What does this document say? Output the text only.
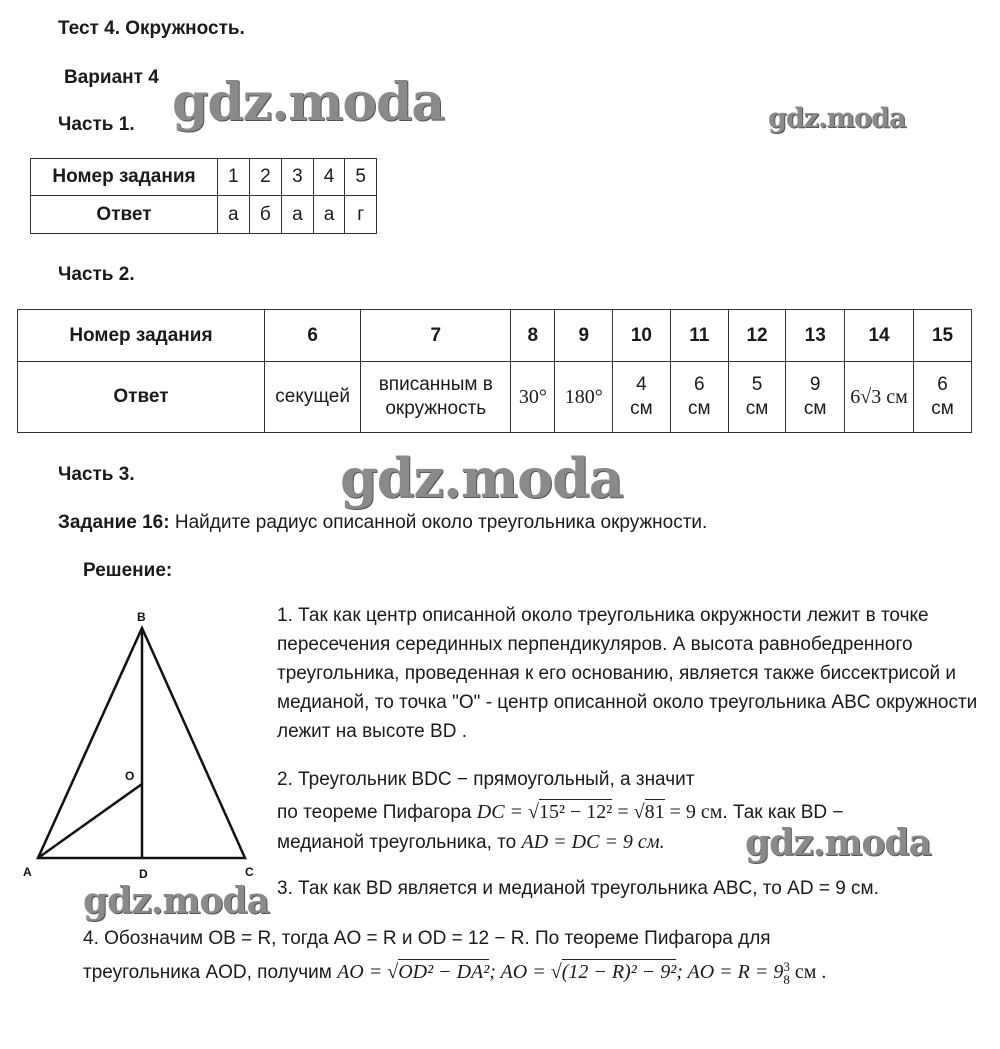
Тест 4. Окружность.
Вариант 4
Часть 1.
Номер задания	1	2	3	4	5
Ответ	а	б	а	а	г
Часть 2.
Номер задания	6	7	8	9	10	11	12	13	14	15
Ответ	секущей	вписанным в окружность	30°	180°	4 см	6 см	5 см	9 см	6√3 см	6 см
Часть 3.
Задание 16: Найдите радиус описанной около треугольника окружности.
Решение:
B
O
A	D	C
1. Так как центр описанной около треугольника окружности лежит в точке пересечения серединных перпендикуляров. А высота равнобедренного треугольника, проведенная к его основанию, является также биссектрисой и медианой, то точка "O" - центр описанной около треугольника ABC окружности лежит на высоте BD .
2. Треугольник BDC − прямоугольный, а значит
по теореме Пифагора DC = √15² − 12² = √81 = 9 см. Так как BD −
медианой треугольника, то AD = DC = 9 см.
3. Так как BD является и медианой треугольника ABC, то AD = 9 см.
4. Обозначим OB = R, тогда AO = R и OD = 12 − R. По теореме Пифагора для
треугольника AOD, получим AO = √OD² − DA²; AO = √(12 − R)² − 9²; AO = R = 9 3
8 см .
gdz.moda	gdz.moda
gdz.moda
gdz.moda
gdz.moda
